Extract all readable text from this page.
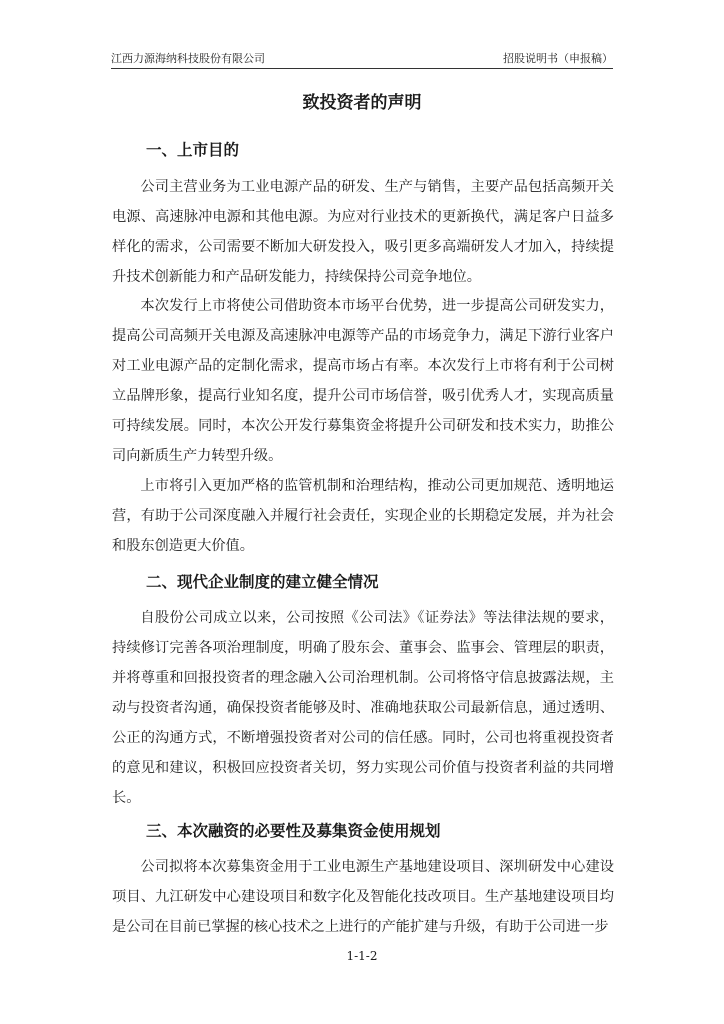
江西力源海纳科技股份有限公司	招股说明书（申报稿）
致投资者的声明
一、上市目的

公司主营业务为工业电源产品的研发、生产与销售，主要产品包括高频开关电源、高速脉冲电源和其他电源。为应对行业技术的更新换代，满足客户日益多样化的需求，公司需要不断加大研发投入，吸引更多高端研发人才加入，持续提升技术创新能力和产品研发能力，持续保持公司竞争地位。

本次发行上市将使公司借助资本市场平台优势，进一步提高公司研发实力，提高公司高频开关电源及高速脉冲电源等产品的市场竞争力，满足下游行业客户对工业电源产品的定制化需求，提高市场占有率。本次发行上市将有利于公司树立品牌形象，提高行业知名度，提升公司市场信誉，吸引优秀人才，实现高质量可持续发展。同时，本次公开发行募集资金将提升公司研发和技术实力，助推公司向新质生产力转型升级。

上市将引入更加严格的监管机制和治理结构，推动公司更加规范、透明地运营，有助于公司深度融入并履行社会责任，实现企业的长期稳定发展，并为社会和股东创造更大价值。

二、现代企业制度的建立健全情况

自股份公司成立以来，公司按照《公司法》《证券法》等法律法规的要求，持续修订完善各项治理制度，明确了股东会、董事会、监事会、管理层的职责，并将尊重和回报投资者的理念融入公司治理机制。公司将恪守信息披露法规，主动与投资者沟通，确保投资者能够及时、准确地获取公司最新信息，通过透明、公正的沟通方式，不断增强投资者对公司的信任感。同时，公司也将重视投资者的意见和建议，积极回应投资者关切，努力实现公司价值与投资者利益的共同增长。

三、本次融资的必要性及募集资金使用规划

公司拟将本次募集资金用于工业电源生产基地建设项目、深圳研发中心建设项目、九江研发中心建设项目和数字化及智能化技改项目。生产基地建设项目均是公司在目前已掌握的核心技术之上进行的产能扩建与升级，有助于公司进一步

1-1-2
